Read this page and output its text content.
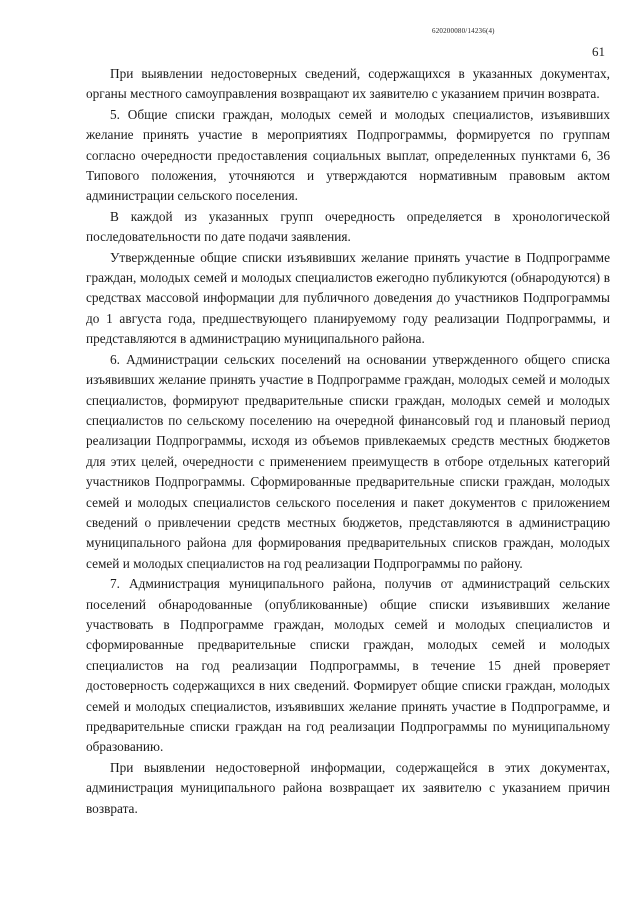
620200080/14236(4)
61

При выявлении недостоверных сведений, содержащихся в указанных документах, органы местного самоуправления возвращают их заявителю с указанием причин возврата.

5. Общие списки граждан, молодых семей и молодых специалистов, изъявивших желание принять участие в мероприятиях Подпрограммы, формируется по группам согласно очередности предоставления социальных выплат, определенных пунктами 6, 36 Типового положения, уточняются и утверждаются нормативным правовым актом администрации сельского поселения.

В каждой из указанных групп очередность определяется в хронологической последовательности по дате подачи заявления.

Утвержденные общие списки изъявивших желание принять участие в Подпрограмме граждан, молодых семей и молодых специалистов ежегодно публикуются (обнародуются) в средствах массовой информации для публичного доведения до участников Подпрограммы до 1 августа года, предшествующего планируемому году реализации Подпрограммы, и представляются в администрацию муниципального района.

6. Администрации сельских поселений на основании утвержденного общего списка изъявивших желание принять участие в Подпрограмме граждан, молодых семей и молодых специалистов, формируют предварительные списки граждан, молодых семей и молодых специалистов по сельскому поселению на очередной финансовый год и плановый период реализации Подпрограммы, исходя из объемов привлекаемых средств местных бюджетов для этих целей, очередности с применением преимуществ в отборе отдельных категорий участников Подпрограммы. Сформированные предварительные списки граждан, молодых семей и молодых специалистов сельского поселения и пакет документов с приложением сведений о привлечении средств местных бюджетов, представляются в администрацию муниципального района для формирования предварительных списков граждан, молодых семей и молодых специалистов на год реализации Подпрограммы по району.

7. Администрация муниципального района, получив от администраций сельских поселений обнародованные (опубликованные) общие списки изъявивших желание участвовать в Подпрограмме граждан, молодых семей и молодых специалистов и сформированные предварительные списки граждан, молодых семей и молодых специалистов на год реализации Подпрограммы, в течение 15 дней проверяет достоверность содержащихся в них сведений. Формирует общие списки граждан, молодых семей и молодых специалистов, изъявивших желание принять участие в Подпрограмме, и предварительные списки граждан на год реализации Подпрограммы по муниципальному образованию.

При выявлении недостоверной информации, содержащейся в этих документах, администрация муниципального района возвращает их заявителю с указанием причин возврата.
